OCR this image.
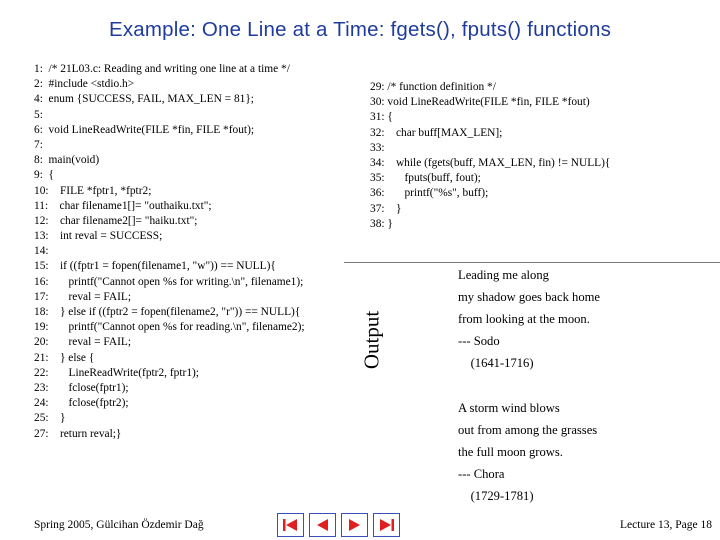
Example: One Line at a Time: fgets(), fputs() functions
1:  /* 21L03.c: Reading and writing one line at a time */
2:  #include <stdio.h>
4:  enum {SUCCESS, FAIL, MAX_LEN = 81};
5:
6:  void LineReadWrite(FILE *fin, FILE *fout);
7:
8:  main(void)
9:  {
10:    FILE *fptr1, *fptr2;
11:    char filename1[]= "outhaiku.txt";
12:    char filename2[]= "haiku.txt";
13:    int reval = SUCCESS;
14:
15:    if ((fptr1 = fopen(filename1, "w")) == NULL){
16:       printf("Cannot open %s for writing.\n", filename1);
17:       reval = FAIL;
18:    } else if ((fptr2 = fopen(filename2, "r")) == NULL){
19:       printf("Cannot open %s for reading.\n", filename2);
20:       reval = FAIL;
21:    } else {
22:       LineReadWrite(fptr2, fptr1);
23:       fclose(fptr1);
24:       fclose(fptr2);
25:    }
27:    return reval;}
29: /* function definition */
30: void LineReadWrite(FILE *fin, FILE *fout)
31: {
32:    char buff[MAX_LEN];
33:
34:    while (fgets(buff, MAX_LEN, fin) != NULL){
35:       fputs(buff, fout);
36:       printf("%s", buff);
37:    }
38: }
Output
Leading me along
my shadow goes back home
from looking at the moon.
--- Sodo
(1641-1716)
A storm wind blows
out from among the grasses
the full moon grows.
--- Chora
(1729-1781)
Spring 2005, Gülcihan Özdemir Dağ	Lecture 13, Page 18
